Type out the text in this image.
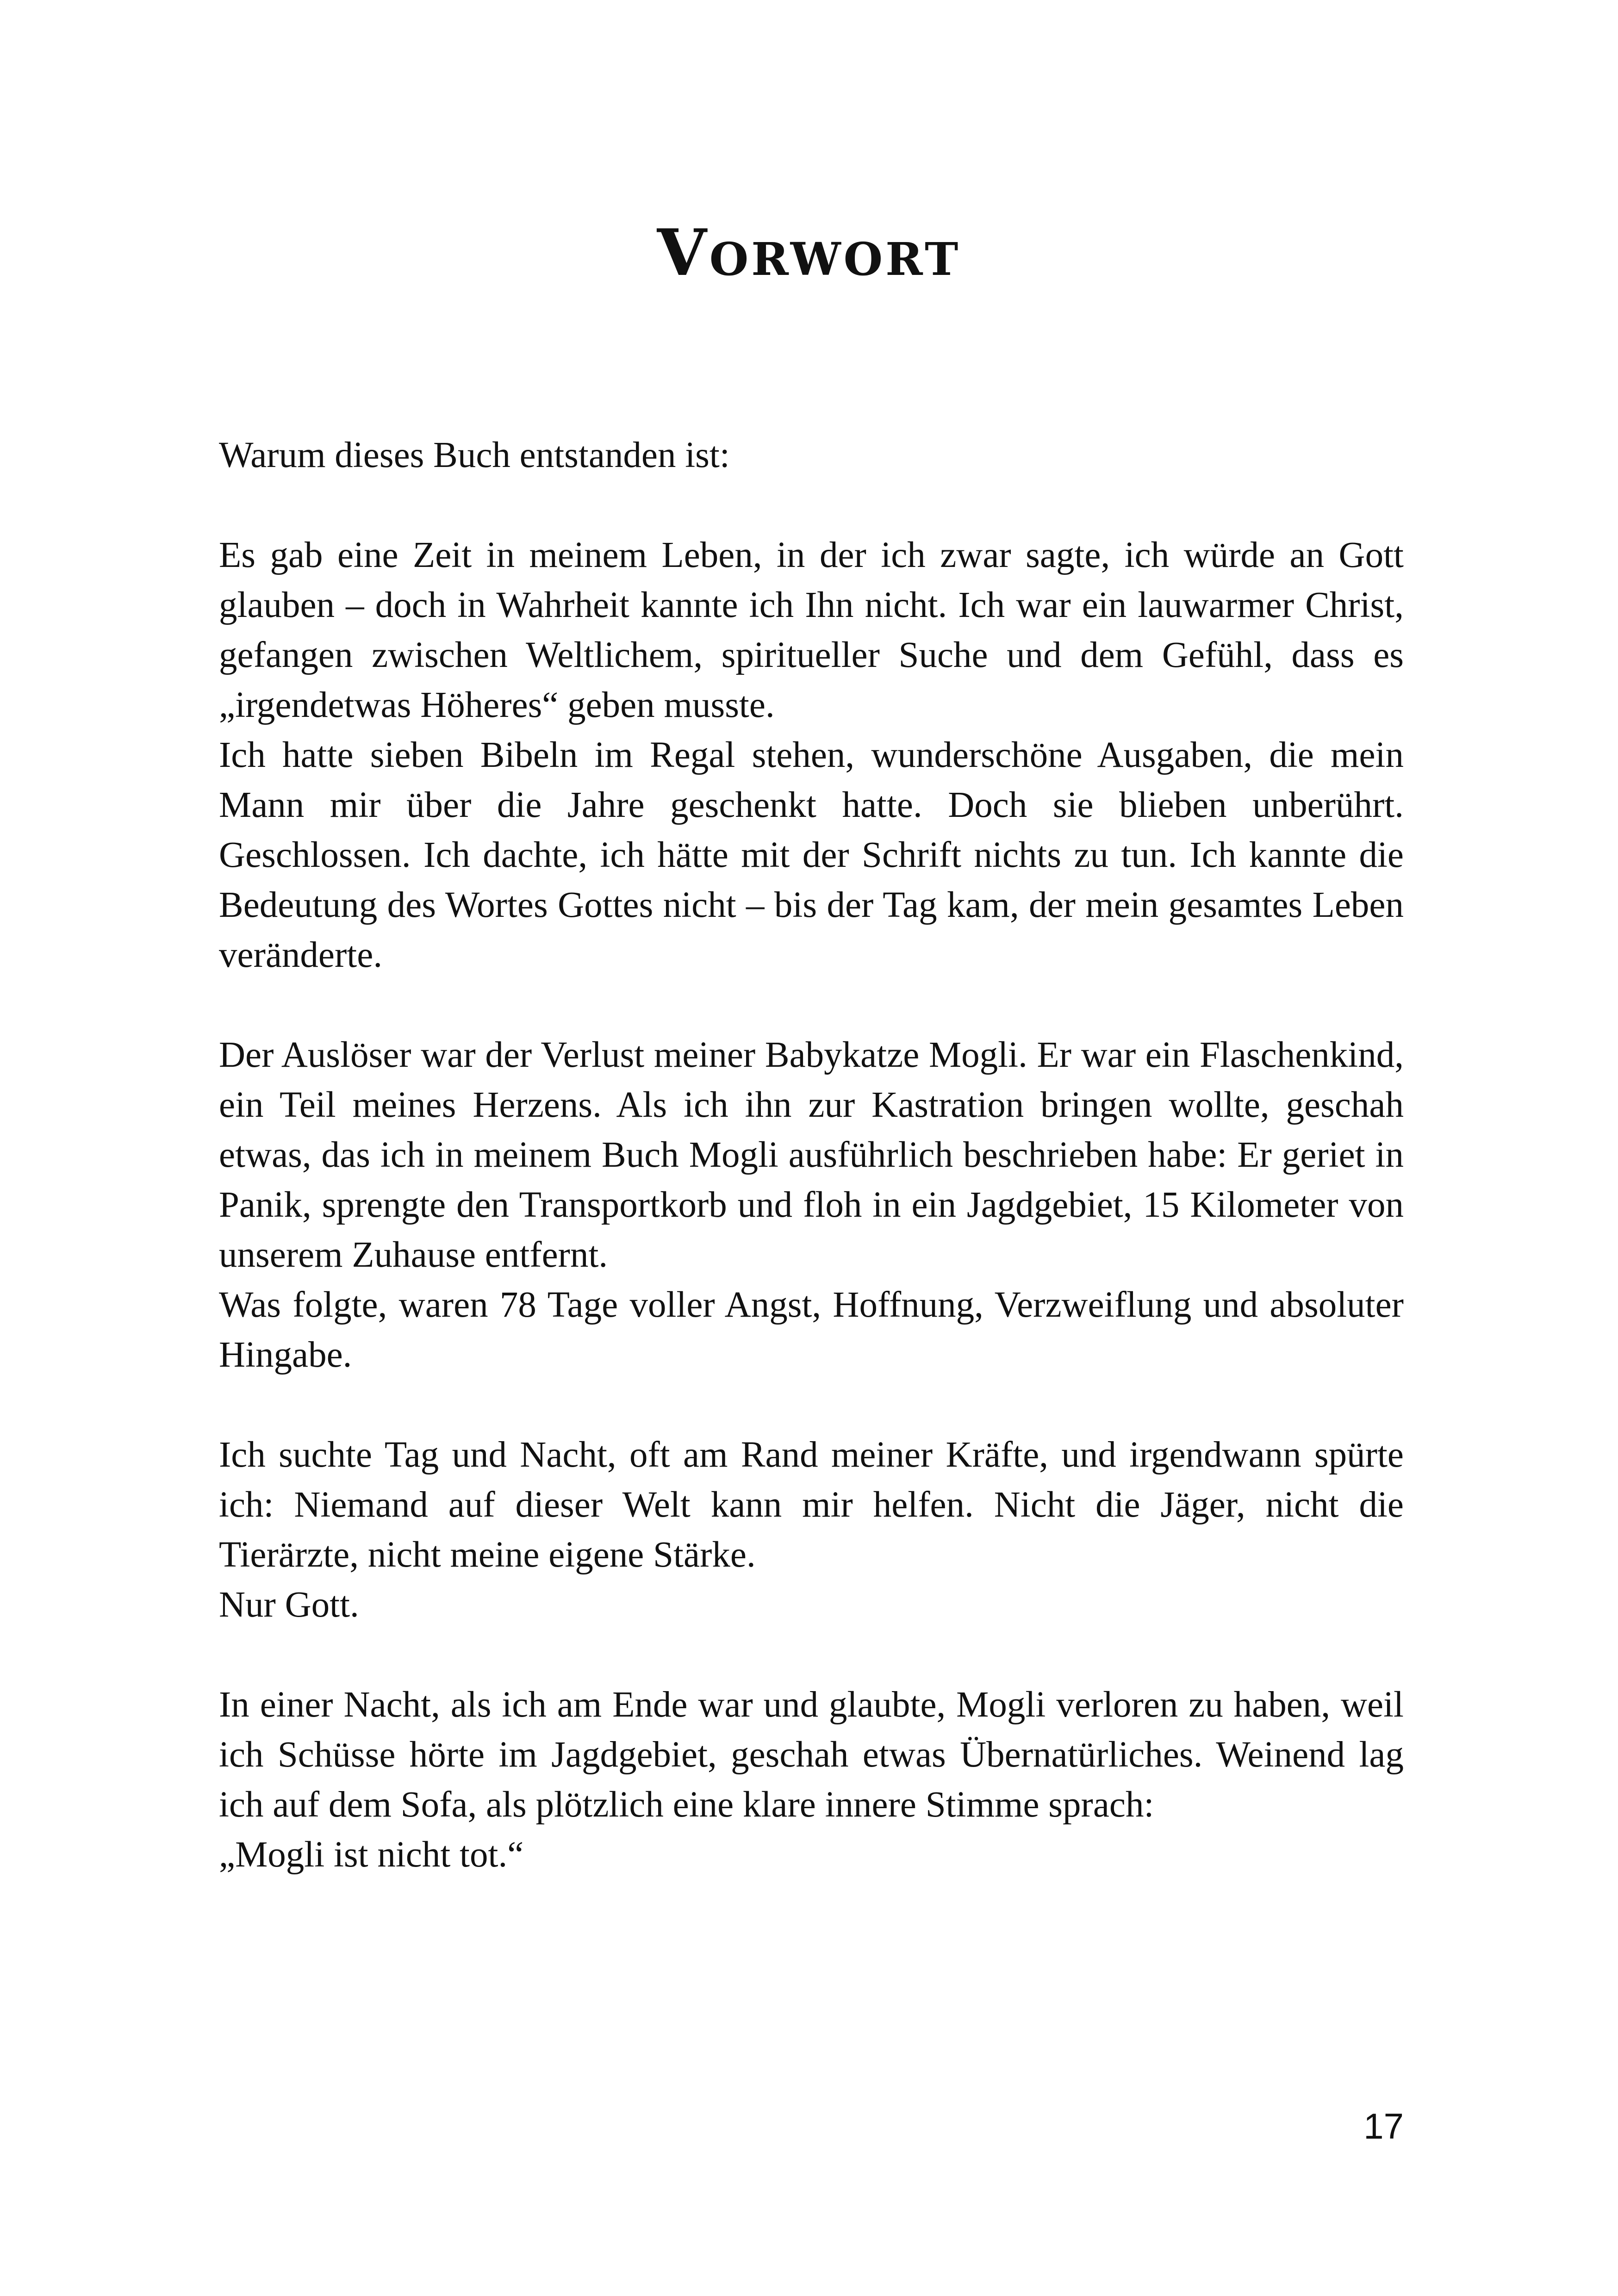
Vorwort

Warum dieses Buch entstanden ist:

Es gab eine Zeit in meinem Leben, in der ich zwar sagte, ich würde an Gott glauben – doch in Wahrheit kannte ich Ihn nicht. Ich war ein lauwarmer Christ, gefangen zwischen Weltlichem, spiritueller Suche und dem Gefühl, dass es „irgendetwas Höheres“ geben musste.

Ich hatte sieben Bibeln im Regal stehen, wunderschöne Ausgaben, die mein Mann mir über die Jahre geschenkt hatte. Doch sie blieben unberührt. Geschlossen. Ich dachte, ich hätte mit der Schrift nichts zu tun. Ich kannte die Bedeutung des Wortes Gottes nicht – bis der Tag kam, der mein gesamtes Leben veränderte.

Der Auslöser war der Verlust meiner Babykatze Mogli. Er war ein Flaschenkind, ein Teil meines Herzens. Als ich ihn zur Kastration bringen wollte, geschah etwas, das ich in meinem Buch Mogli ausführlich beschrieben habe: Er geriet in Panik, sprengte den Transportkorb und floh in ein Jagdgebiet, 15 Kilometer von unserem Zuhause entfernt.

Was folgte, waren 78 Tage voller Angst, Hoffnung, Verzweiflung und absoluter Hingabe.

Ich suchte Tag und Nacht, oft am Rand meiner Kräfte, und irgendwann spürte ich: Niemand auf dieser Welt kann mir helfen. Nicht die Jäger, nicht die Tierärzte, nicht meine eigene Stärke.

Nur Gott.

In einer Nacht, als ich am Ende war und glaubte, Mogli verloren zu haben, weil ich Schüsse hörte im Jagdgebiet, geschah etwas Übernatürliches. Weinend lag ich auf dem Sofa, als plötzlich eine klare innere Stimme sprach:

„Mogli ist nicht tot.“

17
